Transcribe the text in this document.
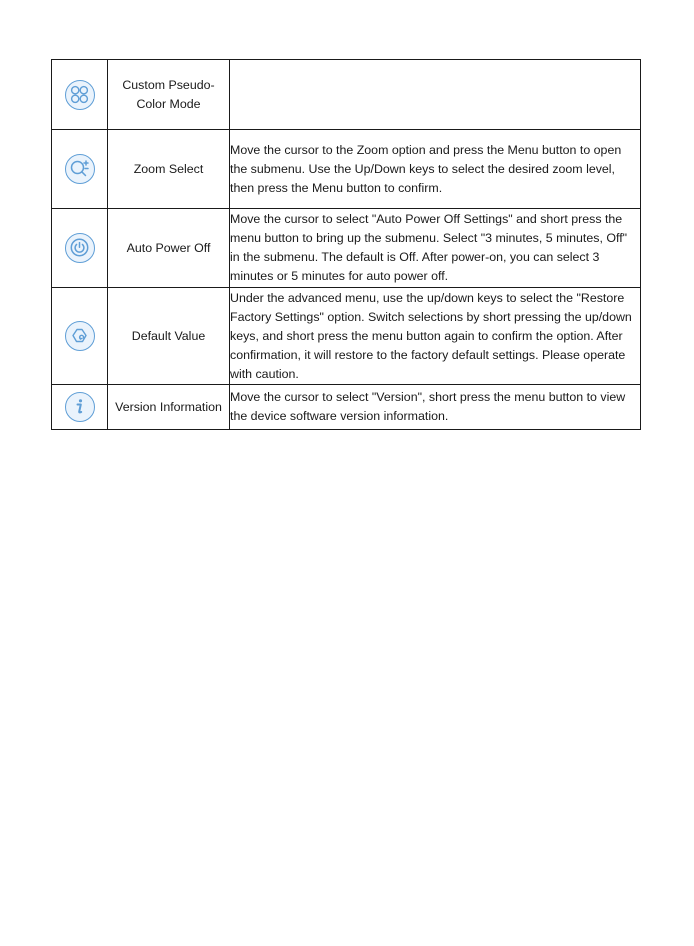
	Custom Pseudo-Color Mode	

	Zoom Select	Move the cursor to the Zoom option and press the Menu button to open the submenu. Use the Up/Down keys to select the desired zoom level, then press the Menu button to confirm.

	Auto Power Off	Move the cursor to select "Auto Power Off Settings" and short press the menu button to bring up the submenu. Select "3 minutes, 5 minutes, Off" in the submenu. The default is Off. After power-on, you can select 3 minutes or 5 minutes for auto power off.

	Default Value	Under the advanced menu, use the up/down keys to select the "Restore Factory Settings" option. Switch selections by short pressing the up/down keys, and short press the menu button again to confirm the option. After confirmation, it will restore to the factory default settings. Please operate with caution.

	Version Information	Move the cursor to select "Version", short press the menu button to view the device software version information.
